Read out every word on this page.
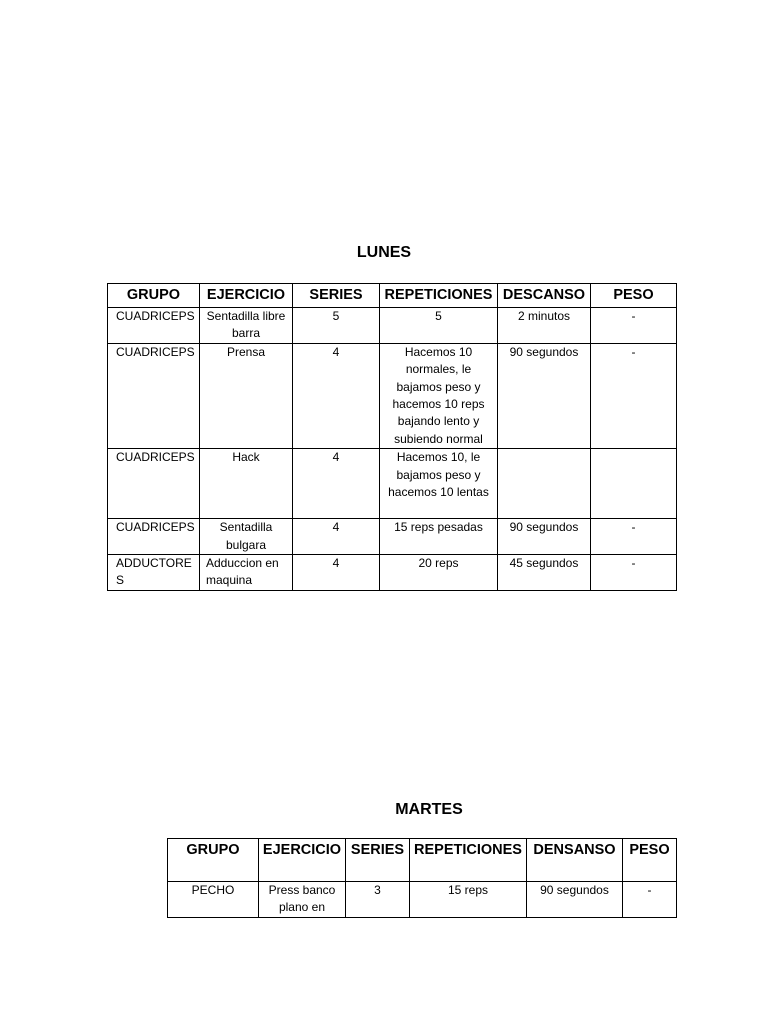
LUNES
GRUPO	EJERCICIO	SERIES	REPETICIONES	DESCANSO	PESO
CUADRICEPS	Sentadilla libre barra	5	5	2 minutos	-
CUADRICEPS	Prensa	4	Hacemos 10 normales, le bajamos peso y hacemos 10 reps bajando lento y subiendo normal	90 segundos	-
CUADRICEPS	Hack	4	Hacemos 10, le bajamos peso y hacemos 10 lentas		
CUADRICEPS	Sentadilla bulgara	4	15 reps pesadas	90 segundos	-
ADDUCTORES	Adduccion en maquina	4	20 reps	45 segundos	-
MARTES
GRUPO	EJERCICIO	SERIES	REPETICIONES	DENSANSO	PESO
PECHO	Press banco plano en	3	15 reps	90 segundos	-
